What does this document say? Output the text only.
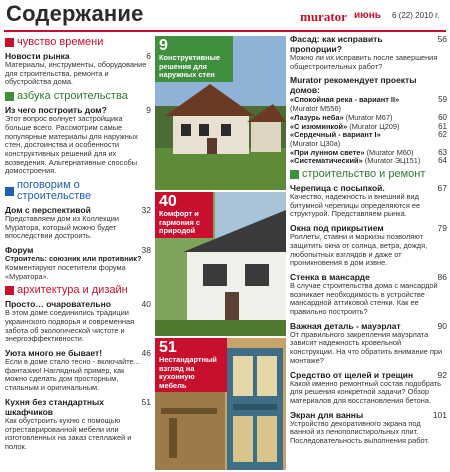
Содержание	murator июнь 6 (22) 2010 г.
чувство времени
Новости рынка	6
Материалы, инструменты, оборудование для строительства, ремонта и обустройства дома.
азбука строительства
Из чего построить дом?	9
Этот вопрос волнует застройщика больше всего. Рассмотрим самые популярные материалы для наружных стен, достоинства и особенности конструктивных решений для их возведения. Альтернативные способы домостроения.
поговорим о строительстве
Дом с перспективой	32
Представляем дом из Коллекции Муратора, который можно будет впоследствии достроить.
Форум	38
Строитель: союзник или противник?
Комментируют посетители форума «Муратора».
архитектура и дизайн
Просто… очаровательно	40
В этом доме соединились традиции украинского подворья и современная забота об экологической чистоте и энергоэффективности.
Уюта много не бывает!	46
Если в доме стало тесно - включайте... фантазию! Наглядный пример, как можно сделать дом просторным, стильным и оригинальным.
Кухня без стандартных шкафчиков
51
Как обустроить кухню с помощью отреставрированной мебели или изготовленных на заказ стеллажей и полок.
9
Конструктивные решения для наружных стен
40
Комфорт и гармония с природой
51
Нестандартный взгляд на кухонную мебель
Фасад: как исправить пропорции?
56
Можно ли их исправить после завершения общестроительных работ?
Murator рекомендует проекты домов:
«Спокойная река - вариант II»
(Murator M556)
59
«Лазурь неба» (Murator M67)	60
«С изюминкой» (Murator Ц209)	61
«Сердечный - вариант I»
(Murator Ц30a)
62
«При лунном свете» (Murator M60)	63
«Систематический» (Murator ЭЦ151) 64
строительство и ремонт
Черепица с посыпкой.	67
Качество, надежность и внешний вид битумной черепицы определяются ее структурой. Представляем рынка.
Окна под прикрытием	79
Роллеты, ставни и маркизы позволяют защитить окна от солнца, ветра, дождя, любопытных взглядов и даже от проникновения в дом извне.
Стенка в мансарде	86
В случае строительства дома с мансардой возникает необходимость в устройстве мансардной аттиковой стенки. Как ее правильно построить?
Важная деталь - мауэрлат	90
От правильного закрепления мауэрлата зависит надежность кровельной конструкции. На что обратить внимание при монтаже?
Средство от щелей и трещин	92
Какой именно ремонтный состав подобрать для решения конкретной задачи? Обзор материалов для восстановления бетона.
Экран для ванны	101
Устройство декоративного экрана под ванной из пенополистирольных плит. Последовательность выполнения работ.
